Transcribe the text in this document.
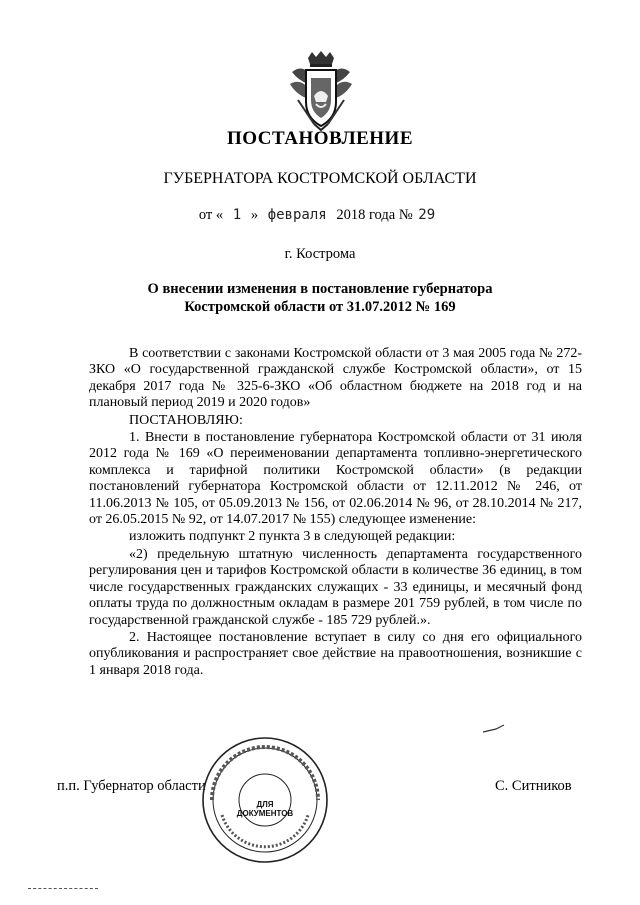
ПОСТАНОВЛЕНИЕ
ГУБЕРНАТОРА КОСТРОМСКОЙ ОБЛАСТИ
от « 1 » февраля 2018 года № 29
г. Кострома
О внесении изменения в постановление губернатора
Костромской области от 31.07.2012 № 169

В соответствии с законами Костромской области от 3 мая 2005 года № 272-ЗКО «О государственной гражданской службе Костромской области», от 15 декабря 2017 года № 325-6-ЗКО «Об областном бюджете на 2018 год и на плановый период 2019 и 2020 годов»

ПОСТАНОВЛЯЮ:

1. Внести в постановление губернатора Костромской области от 31 июля 2012 года № 169 «О переименовании департамента топливно-энергетического комплекса и тарифной политики Костромской области» (в редакции постановлений губернатора Костромской области от 12.11.2012 № 246, от 11.06.2013 № 105, от 05.09.2013 № 156, от 02.06.2014 № 96, от 28.10.2014 № 217, от 26.05.2015 № 92, от 14.07.2017 № 155) следующее изменение:

изложить подпункт 2 пункта 3 в следующей редакции:

«2) предельную штатную численность департамента государственного регулирования цен и тарифов Костромской области в количестве 36 единиц, в том числе государственных гражданских служащих - 33 единицы, и месячный фонд оплаты труда по должностным окладам в размере 201 759 рублей, в том числе по государственной гражданской службе - 185 729 рублей.».

2. Настоящее постановление вступает в силу со дня его официального опубликования и распространяет свое действие на правоотношения, возникшие с 1 января 2018 года.

п.п. Губернатор области	С. Ситников
ДЛЯ ДОКУМЕНТОВ
